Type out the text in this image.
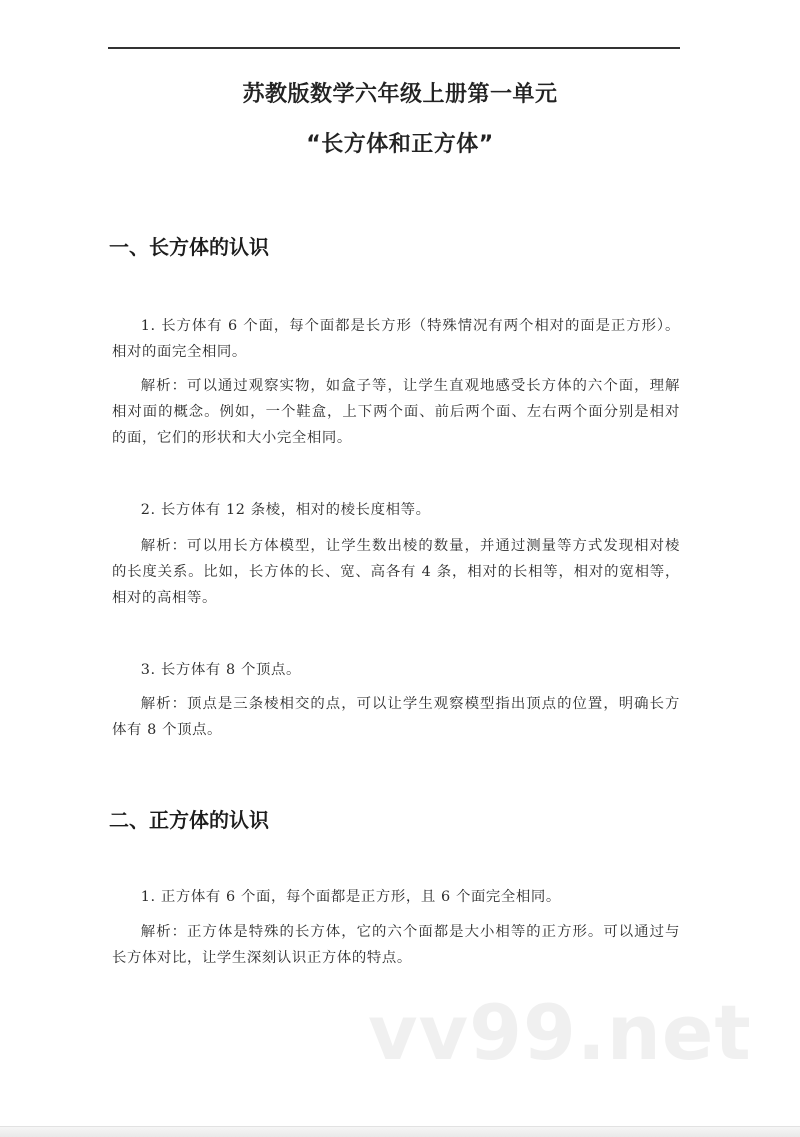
苏教版数学六年级上册第一单元
“长方体和正方体”
一、长方体的认识

1. 长方体有 6 个面，每个面都是长方形（特殊情况有两个相对的面是正方形）。相对的面完全相同。

解析：可以通过观察实物，如盒子等，让学生直观地感受长方体的六个面，理解相对面的概念。例如，一个鞋盒，上下两个面、前后两个面、左右两个面分别是相对的面，它们的形状和大小完全相同。

2. 长方体有 12 条棱，相对的棱长度相等。

解析：可以用长方体模型，让学生数出棱的数量，并通过测量等方式发现相对棱的长度关系。比如，长方体的长、宽、高各有 4 条，相对的长相等，相对的宽相等，相对的高相等。

3. 长方体有 8 个顶点。

解析：顶点是三条棱相交的点，可以让学生观察模型指出顶点的位置，明确长方体有 8 个顶点。

二、正方体的认识

1. 正方体有 6 个面，每个面都是正方形，且 6 个面完全相同。

解析：正方体是特殊的长方体，它的六个面都是大小相等的正方形。可以通过与长方体对比，让学生深刻认识正方体的特点。

vv99.net
